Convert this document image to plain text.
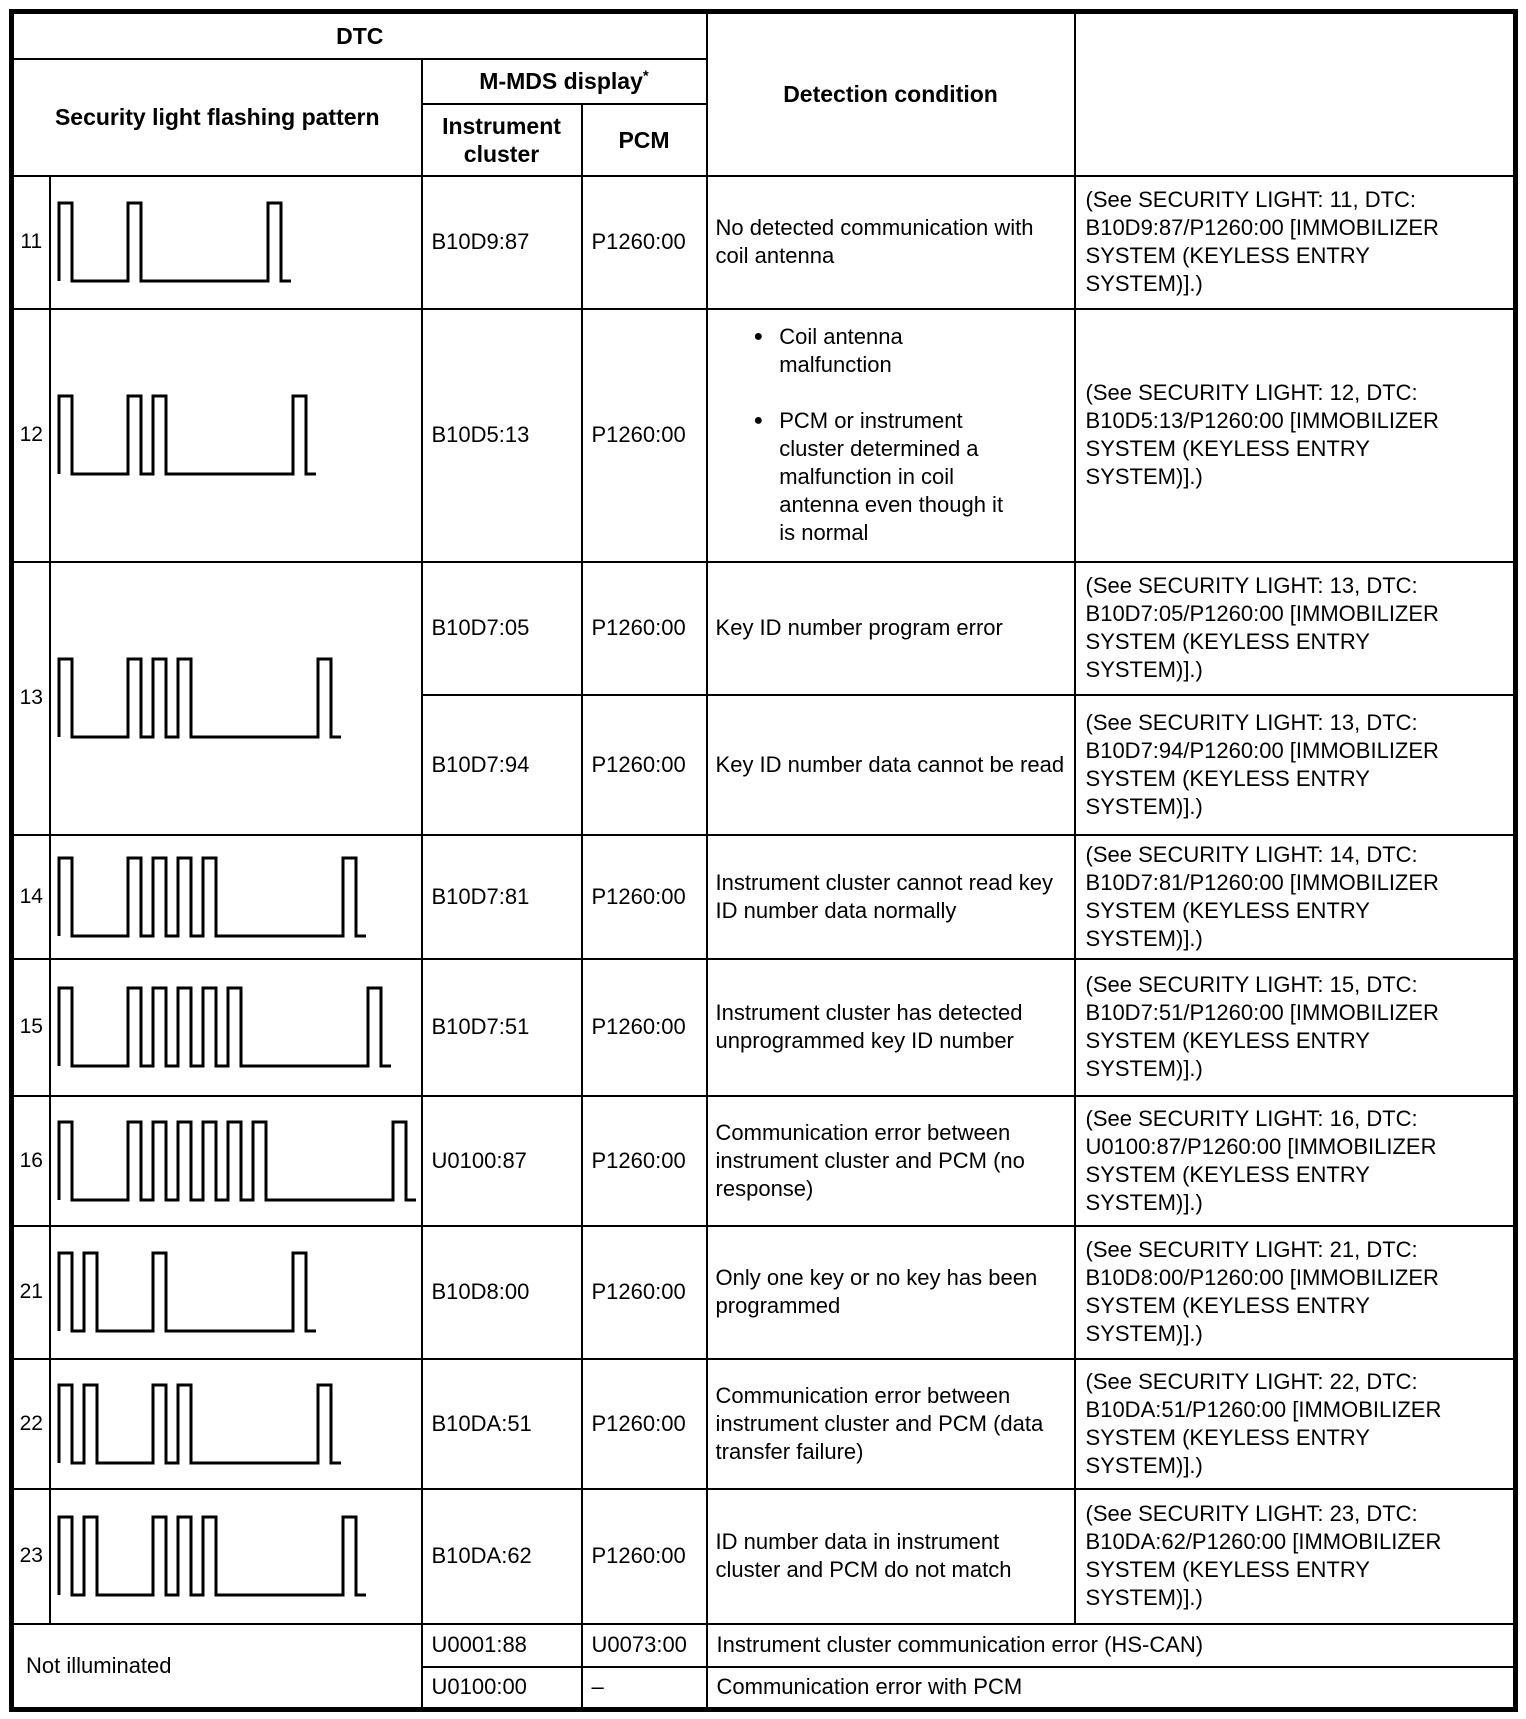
DTC				Detection condition	
Security light flashing pattern		M-MDS display*
		Instrument cluster	PCM		
11		B10D9:87	P1260:00	No detected communication with coil antenna	(See SECURITY LIGHT: 11, DTC: B10D9:87/P1260:00 [IMMOBILIZER SYSTEM (KEYLESS ENTRY SYSTEM)].)
12		B10D5:13	P1260:00	● Coil antenna malfunction
● PCM or instrument cluster determined a malfunction in coil antenna even though it is normal	(See SECURITY LIGHT: 12, DTC: B10D5:13/P1260:00 [IMMOBILIZER SYSTEM (KEYLESS ENTRY SYSTEM)].)
13		B10D7:05	P1260:00	Key ID number program error	(See SECURITY LIGHT: 13, DTC: B10D7:05/P1260:00 [IMMOBILIZER SYSTEM (KEYLESS ENTRY SYSTEM)].)
		B10D7:94	P1260:00	Key ID number data cannot be read	(See SECURITY LIGHT: 13, DTC: B10D7:94/P1260:00 [IMMOBILIZER SYSTEM (KEYLESS ENTRY SYSTEM)].)
14		B10D7:81	P1260:00	Instrument cluster cannot read key ID number data normally	(See SECURITY LIGHT: 14, DTC: B10D7:81/P1260:00 [IMMOBILIZER SYSTEM (KEYLESS ENTRY SYSTEM)].)
15		B10D7:51	P1260:00	Instrument cluster has detected unprogrammed key ID number	(See SECURITY LIGHT: 15, DTC: B10D7:51/P1260:00 [IMMOBILIZER SYSTEM (KEYLESS ENTRY SYSTEM)].)
16		U0100:87	P1260:00	Communication error between instrument cluster and PCM (no response)	(See SECURITY LIGHT: 16, DTC: U0100:87/P1260:00 [IMMOBILIZER SYSTEM (KEYLESS ENTRY SYSTEM)].)
21		B10D8:00	P1260:00	Only one key or no key has been programmed	(See SECURITY LIGHT: 21, DTC: B10D8:00/P1260:00 [IMMOBILIZER SYSTEM (KEYLESS ENTRY SYSTEM)].)
22		B10DA:51	P1260:00	Communication error between instrument cluster and PCM (data transfer failure)	(See SECURITY LIGHT: 22, DTC: B10DA:51/P1260:00 [IMMOBILIZER SYSTEM (KEYLESS ENTRY SYSTEM)].)
23		B10DA:62	P1260:00	ID number data in instrument cluster and PCM do not match	(See SECURITY LIGHT: 23, DTC: B10DA:62/P1260:00 [IMMOBILIZER SYSTEM (KEYLESS ENTRY SYSTEM)].)
Not illuminated		U0001:88	U0073:00	Instrument cluster communication error (HS-CAN)	
		U0100:00	–	Communication error with PCM	
